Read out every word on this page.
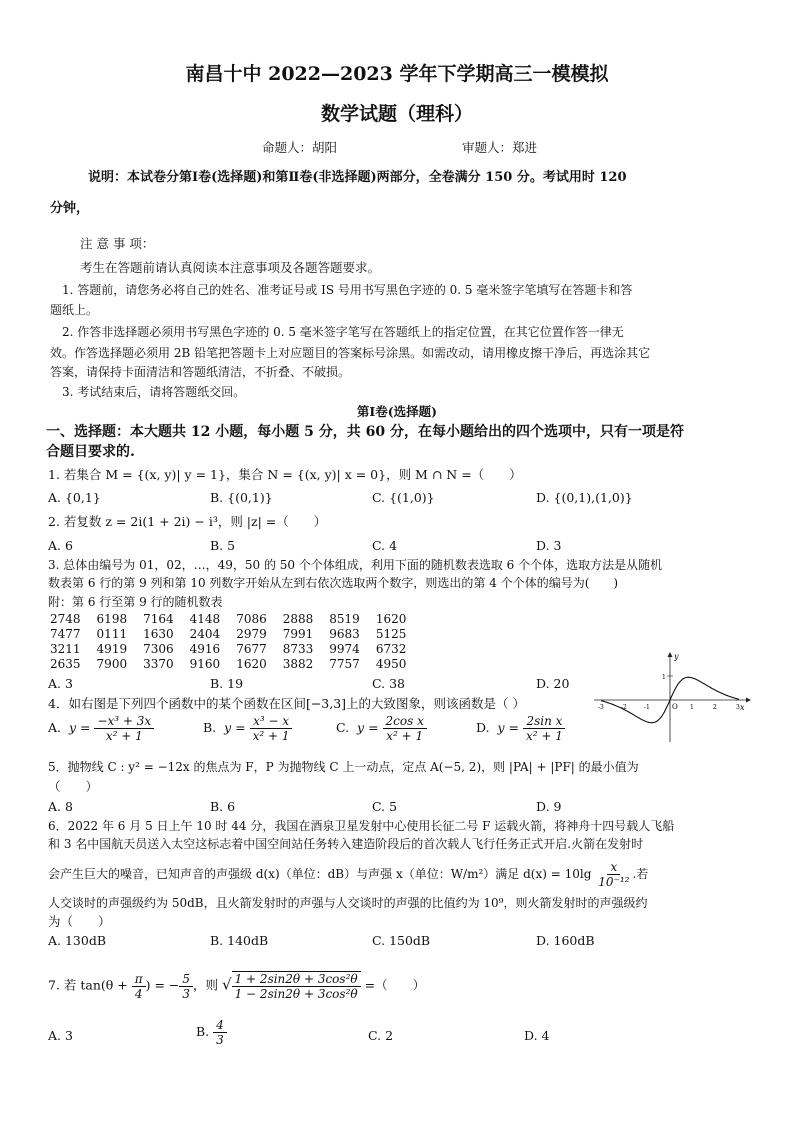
南昌十中 2022—2023 学年下学期高三一模模拟
数学试题（理科）
命题人：胡阳	审题人：郑进
说明：本试卷分第Ⅰ卷(选择题)和第Ⅱ卷(非选择题)两部分，全卷满分 150 分。考试用时 120
分钟，
注 意 事 项：
考生在答题前请认真阅读本注意事项及各题答题要求。
1. 答题前，请您务必将自己的姓名、准考证号或 IS 号用书写黑色字迹的 0. 5 毫米签字笔填写在答题卡和答
题纸上。
2. 作答非选择题必须用书写黑色字迹的 0. 5 毫米签字笔写在答题纸上的指定位置，在其它位置作答一律无
效。作答选择题必须用 2B 铅笔把答题卡上对应题目的答案标号涂黑。如需改动，请用橡皮擦干净后，再选涂其它
答案，请保持卡面清洁和答题纸清洁，不折叠、不破损。
3. 考试结束后，请将答题纸交回。
第Ⅰ卷(选择题)
一、选择题：本大题共 12 小题，每小题 5 分，共 60 分，在每小题给出的四个选项中，只有一项是符
合题目要求的.
1. 若集合 M = {(x, y)| y = 1}，集合 N = {(x, y)| x = 0}，则 M ∩ N =（　　）
A. {0,1}	B. {(0,1)}	C. {(1,0)}	D. {(0,1),(1,0)}
2. 若复数 z = 2i(1 + 2i) − i³，则 |z| =（　　）
A. 6	B. 5	C. 4	D. 3
3. 总体由编号为 01，02，…，49，50 的 50 个个体组成，利用下面的随机数表选取 6 个个体，选取方法是从随机
数表第 6 行的第 9 列和第 10 列数字开始从左到右依次选取两个数字，则选出的第 4 个个体的编号为(　　)
附：第 6 行至第 9 行的随机数表
2748	6198	7164	4148	7086	2888	8519	1620
7477	0111	1630	2404	2979	7991	9683	5125
3211	4919	7306	4916	7677	8733	9974	6732
2635	7900	3370	9160	1620	3882	7757	4950
A. 3	B. 19	C. 38	D. 20
y
x
O
1
-3	-2	-1	1	2	3
4．如右图是下列四个函数中的某个函数在区间[−3,3]上的大致图象，则该函数是（ ）
A. $y = \frac{\text{−x³ + 3x}}{\text{x² + 1}}$	B. $y = \frac{\text{x³ − x}}{\text{x² + 1}}$	C. $y = \frac{\text{2cos x}}{\text{x² + 1}}$	D. $y = \frac{\text{2sin x}}{\text{x² + 1}}$
5．抛物线 C : y² = −12x 的焦点为 F，P 为抛物线 C 上一动点，定点 A(−5, 2)，则 |PA| + |PF| 的最小值为
（　　）
A. 8	B. 6	C. 5	D. 9
6．2022 年 6 月 5 日上午 10 时 44 分，我国在酒泉卫星发射中心使用长征二号 F 运载火箭，将神舟十四号载人飞船
和 3 名中国航天员送入太空这标志着中国空间站任务转入建造阶段后的首次载人飞行任务正式开启.火箭在发射时
会产生巨大的噪音，已知声音的声强级 d(x)（单位：dB）与声强 x（单位：W/m²）满足 $d(x) = 10\lg \frac{x}{\text{10⁻¹²}}$ .若
人交谈时的声强级约为 50dB，且火箭发射时的声强与人交谈时的声强的比值约为 10⁹，则火箭发射时的声强级约
为（　　）
A. 130dB	B. 140dB	C. 150dB	D. 160dB
7. 若 $\tan(\theta + \frac{\pi}{4}$ ) = − $\frac{5}{3}$ ，则 √ $\frac{\text{1 + 2sin2θ + 3cos²θ}}{\text{1 − 2sin2θ + 3cos²θ}}$ =（　　）
A. 3	B. $\frac{4}{3}$	C. 2	D. 4
